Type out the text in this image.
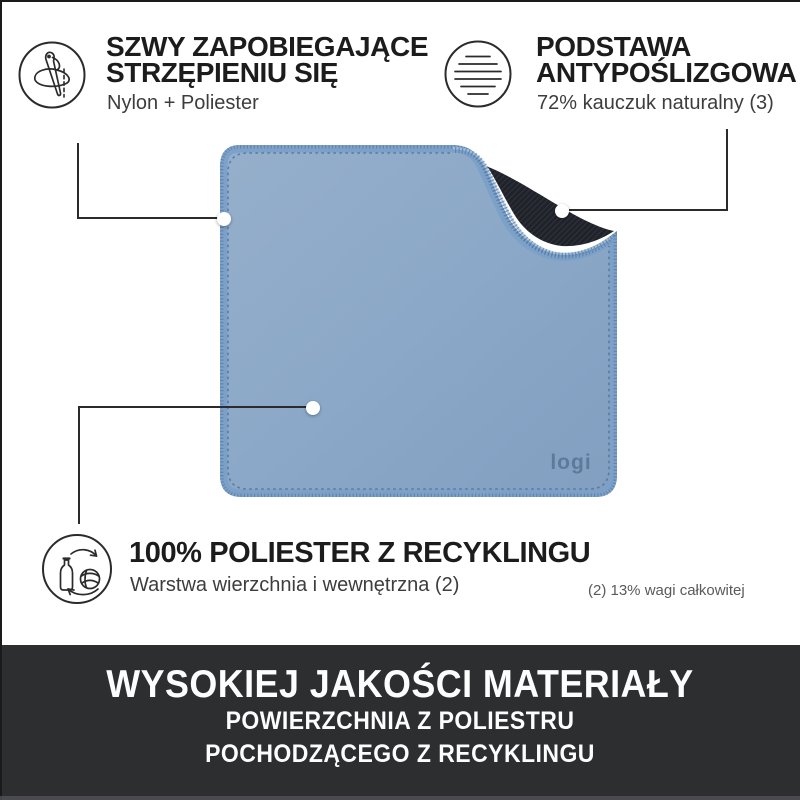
logi
SZWY ZAPOBIEGAJĄCE
STRZĘPIENIU SIĘ
Nylon + Poliester
PODSTAWA
ANTYPOŚLIZGOWA
72% kauczuk naturalny (3)
100% POLIESTER Z RECYKLINGU
Warstwa wierzchnia i wewnętrzna (2)	(2) 13% wagi całkowitej
WYSOKIEJ JAKOŚCI MATERIAŁY
POWIERZCHNIA Z POLIESTRU
POCHODZĄCEGO Z RECYKLINGU
